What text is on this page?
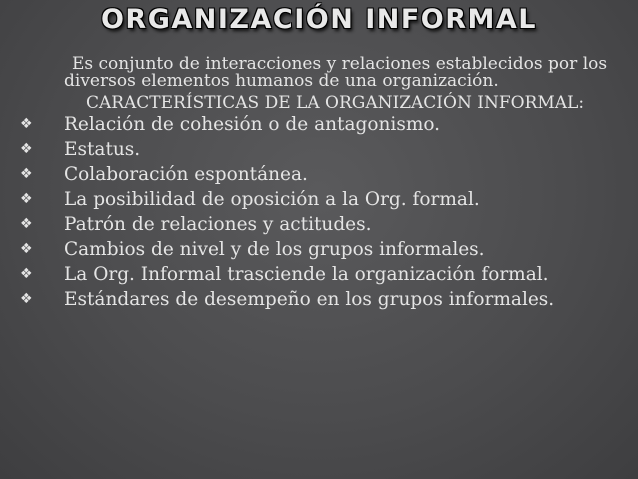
ORGANIZACIÓN INFORMAL

Es conjunto de interacciones y relaciones establecidos por los diversos elementos humanos de una organización.

CARACTERÍSTICAS DE LA ORGANIZACIÓN INFORMAL:
❖ Relación de cohesión o de antagonismo.
❖ Estatus.
❖ Colaboración espontánea.
❖ La posibilidad de oposición a la Org. formal.
❖ Patrón de relaciones y actitudes.
❖ Cambios de nivel y de los grupos informales.
❖ La Org. Informal trasciende la organización formal.
❖ Estándares de desempeño en los grupos informales.
